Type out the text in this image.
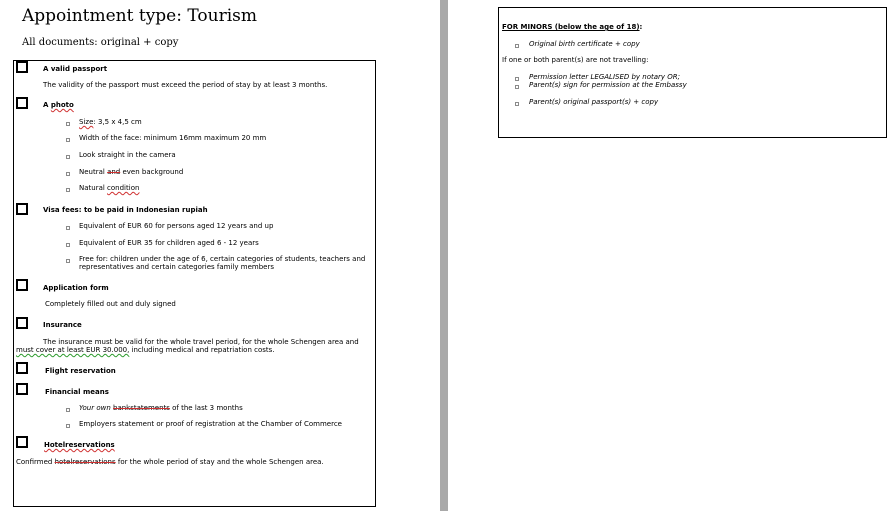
Appointment type: Tourism
All documents: original + copy
A valid passport
The validity of the passport must exceed the period of stay by at least 3 months.
A photo
Size: 3,5 x 4,5 cm
Width of the face: minimum 16mm maximum 20 mm
Look straight in the camera
Neutral and even background
Natural condition
Visa fees: to be paid in Indonesian rupiah
Equivalent of EUR 60 for persons aged 12 years and up
Equivalent of EUR 35 for children aged 6 - 12 years
Free for: children under the age of 6, certain categories of students, teachers and
representatives and certain categories family members
Application form
Completely filled out and duly signed
Insurance
The insurance must be valid for the whole travel period, for the whole Schengen area and
must cover at least EUR 30.000, including medical and repatriation costs.
Flight reservation
Financial means
Your own bankstatements of the last 3 months
Employers statement or proof of registration at the Chamber of Commerce
Hotelreservations
Confirmed hotelreservations for the whole period of stay and the whole Schengen area.
FOR MINORS (below the age of 18):
Original birth certificate + copy
If one or both parent(s) are not travelling:
Permission letter LEGALISED by notary OR;
Parent(s) sign for permission at the Embassy
Parent(s) original passport(s) + copy
